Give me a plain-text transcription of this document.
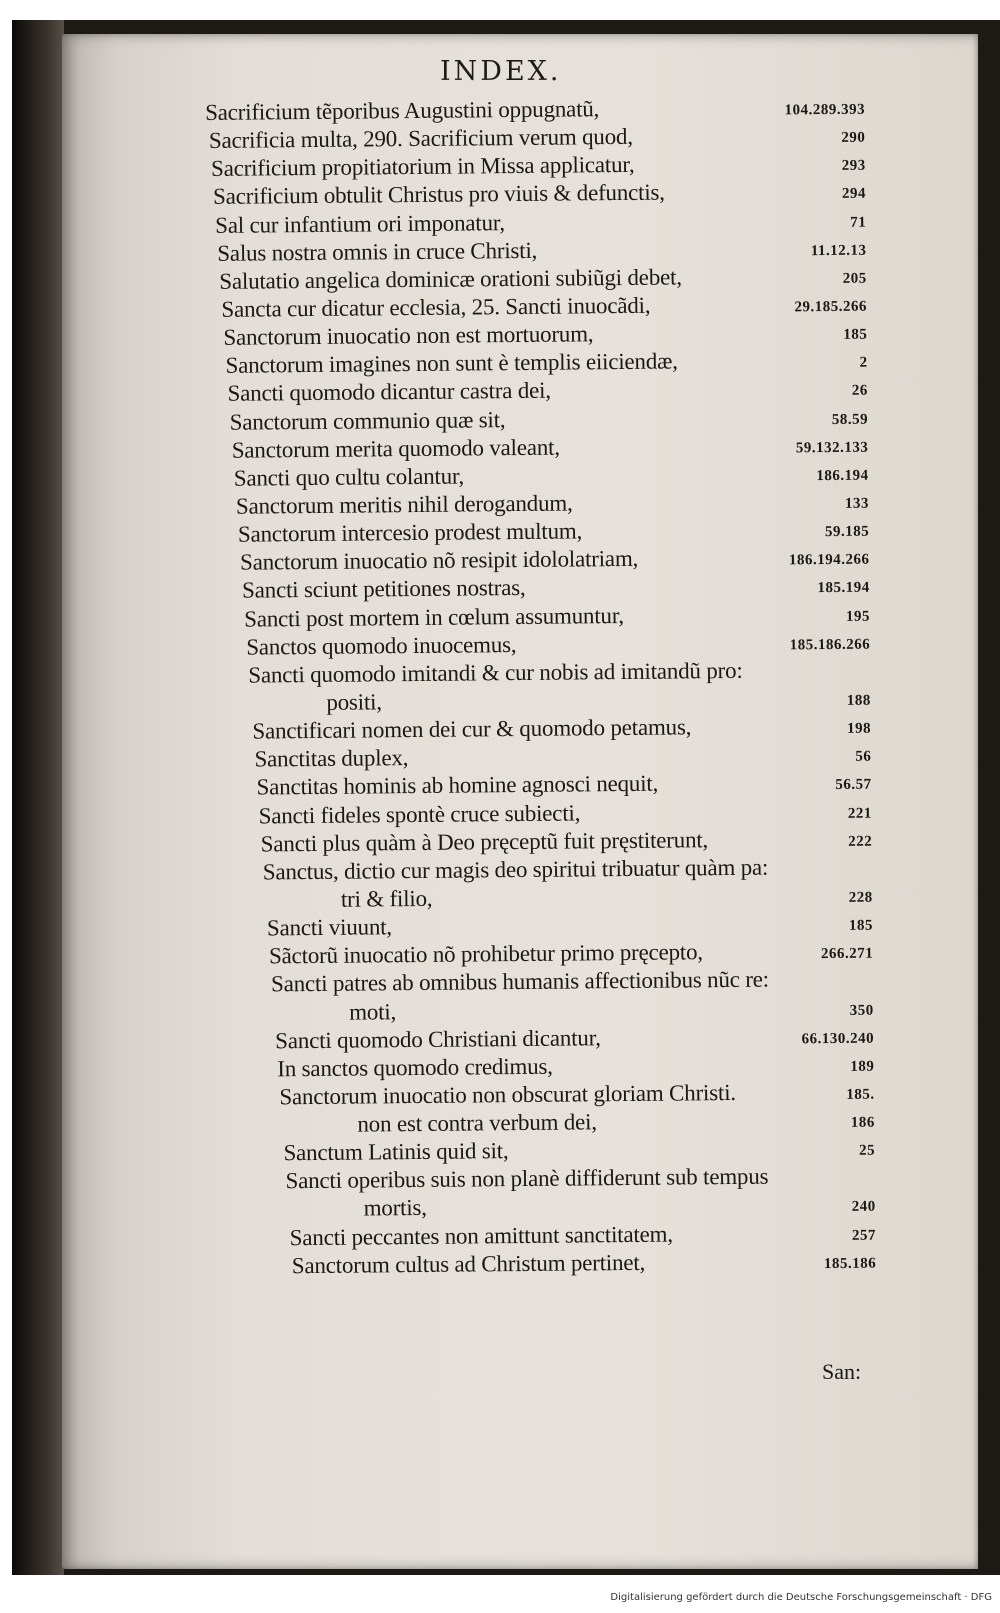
INDEX.
Sacrificium tẽporibus Augustini oppugnatũ,	104.289.393
Sacrificia multa, 290. Sacrificium verum quod,	290
Sacrificium propitiatorium in Missa applicatur,	293
Sacrificium obtulit Christus pro viuis & defunctis,	294
Sal cur infantium ori imponatur,	71
Salus nostra omnis in cruce Christi,	11.12.13
Salutatio angelica dominicæ orationi subiũgi debet,	205
Sancta cur dicatur ecclesia, 25. Sancti inuocãdi,	29.185.266
Sanctorum inuocatio non est mortuorum,	185
Sanctorum imagines non sunt è templis eiiciendæ,	2
Sancti quomodo dicantur castra dei,	26
Sanctorum communio quæ sit,	58.59
Sanctorum merita quomodo valeant,	59.132.133
Sancti quo cultu colantur,	186.194
Sanctorum meritis nihil derogandum,	133
Sanctorum intercesio prodest multum,	59.185
Sanctorum inuocatio nõ resipit idololatriam,	186.194.266
Sancti sciunt petitiones nostras,	185.194
Sancti post mortem in cœlum assumuntur,	195
Sanctos quomodo inuocemus,	185.186.266
Sancti quomodo imitandi & cur nobis ad imitandũ pro:
positi,	188
Sanctificari nomen dei cur & quomodo petamus,	198
Sanctitas duplex,	56
Sanctitas hominis ab homine agnosci nequit,	56.57
Sancti fideles spontè cruce subiecti,	221
Sancti plus quàm à Deo pręceptũ fuit pręstiterunt,	222
Sanctus, dictio cur magis deo spiritui tribuatur quàm pa:
tri & filio,	228
Sancti viuunt,	185
Sãctorũ inuocatio nõ prohibetur primo pręcepto,	266.271
Sancti patres ab omnibus humanis affectionibus nũc re:
moti,	350
Sancti quomodo Christiani dicantur,	66.130.240
In sanctos quomodo credimus,	189
Sanctorum inuocatio non obscurat gloriam Christi.	185.
non est contra verbum dei,	186
Sanctum Latinis quid sit,	25
Sancti operibus suis non planè diffiderunt sub tempus
mortis,	240
Sancti peccantes non amittunt sanctitatem,	257
Sanctorum cultus ad Christum pertinet,	185.186
San:
Digitalisierung gefördert durch die Deutsche Forschungsgemeinschaft · DFG
